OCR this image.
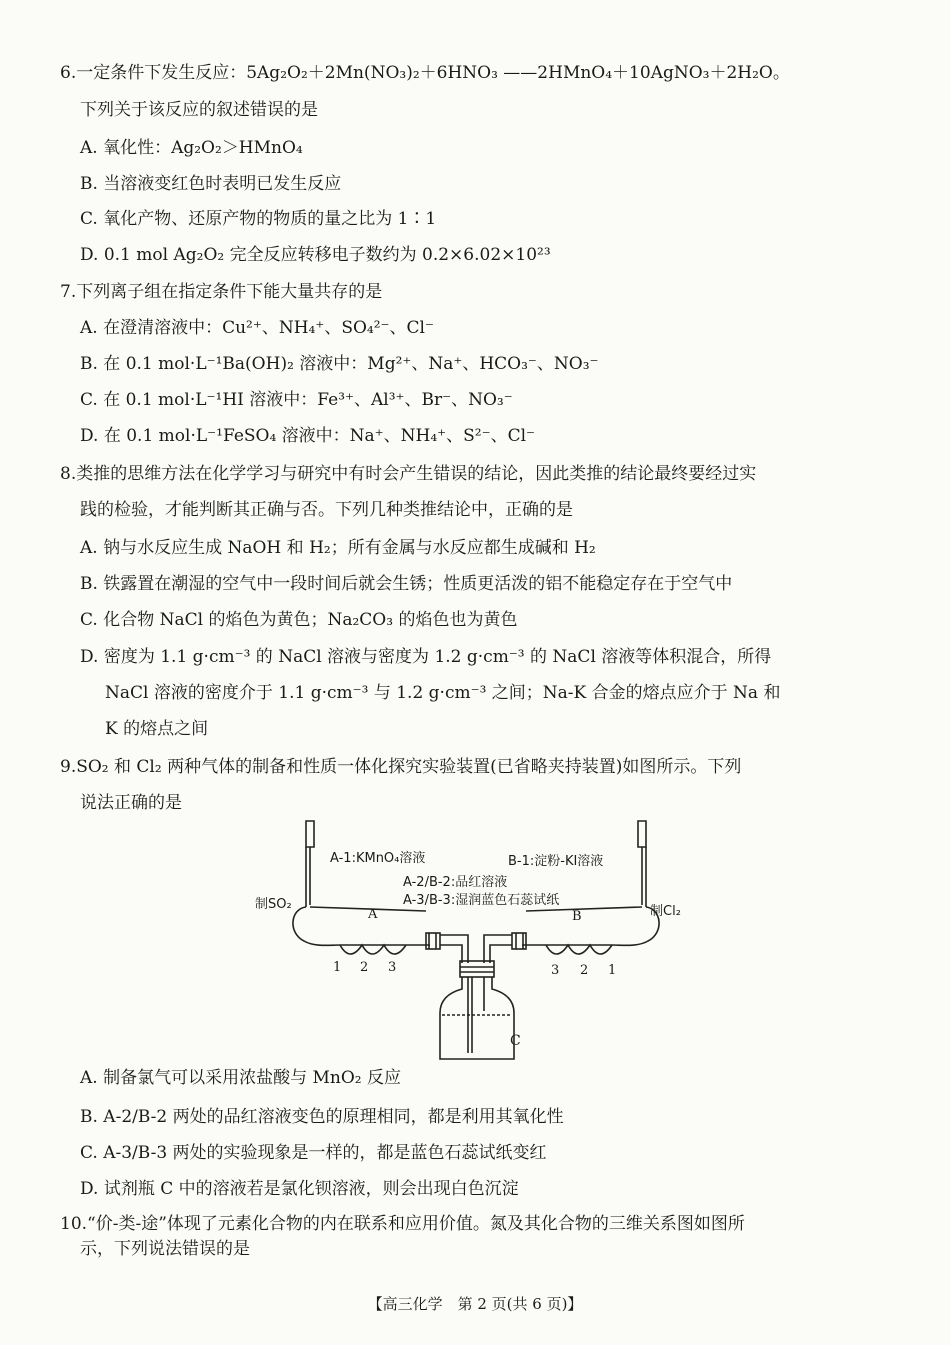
6.一定条件下发生反应：5Ag₂O₂＋2Mn(NO₃)₂＋6HNO₃ ——2HMnO₄＋10AgNO₃＋2H₂O。
下列关于该反应的叙述错误的是
A. 氧化性：Ag₂O₂＞HMnO₄
B. 当溶液变红色时表明已发生反应
C. 氧化产物、还原产物的物质的量之比为 1∶1
D. 0.1 mol Ag₂O₂ 完全反应转移电子数约为 0.2×6.02×10²³
7.下列离子组在指定条件下能大量共存的是
A. 在澄清溶液中：Cu²⁺、NH₄⁺、SO₄²⁻、Cl⁻
B. 在 0.1 mol·L⁻¹Ba(OH)₂ 溶液中：Mg²⁺、Na⁺、HCO₃⁻、NO₃⁻
C. 在 0.1 mol·L⁻¹HI 溶液中：Fe³⁺、Al³⁺、Br⁻、NO₃⁻
D. 在 0.1 mol·L⁻¹FeSO₄ 溶液中：Na⁺、NH₄⁺、S²⁻、Cl⁻
8.类推的思维方法在化学学习与研究中有时会产生错误的结论，因此类推的结论最终要经过实
践的检验，才能判断其正确与否。下列几种类推结论中，正确的是
A. 钠与水反应生成 NaOH 和 H₂；所有金属与水反应都生成碱和 H₂
B. 铁露置在潮湿的空气中一段时间后就会生锈；性质更活泼的铝不能稳定存在于空气中
C. 化合物 NaCl 的焰色为黄色；Na₂CO₃ 的焰色也为黄色
D. 密度为 1.1 g·cm⁻³ 的 NaCl 溶液与密度为 1.2 g·cm⁻³ 的 NaCl 溶液等体积混合，所得
NaCl 溶液的密度介于 1.1 g·cm⁻³ 与 1.2 g·cm⁻³ 之间；Na-K 合金的熔点应介于 Na 和
K 的熔点之间
9.SO₂ 和 Cl₂ 两种气体的制备和性质一体化探究实验装置(已省略夹持装置)如图所示。下列
说法正确的是
A-1:KMnO₄溶液	B-1:淀粉-KI溶液
A-2/B-2:品红溶液
A-3/B-3:湿润蓝色石蕊试纸
制SO₂	制Cl₂
A	B
C
1 2 3	3 2 1
A. 制备氯气可以采用浓盐酸与 MnO₂ 反应
B. A-2/B-2 两处的品红溶液变色的原理相同，都是利用其氧化性
C. A-3/B-3 两处的实验现象是一样的，都是蓝色石蕊试纸变红
D. 试剂瓶 C 中的溶液若是氯化钡溶液，则会出现白色沉淀
10.“价-类-途”体现了元素化合物的内在联系和应用价值。氮及其化合物的三维关系图如图所
示，下列说法错误的是
【高三化学　第 2 页(共 6 页)】
